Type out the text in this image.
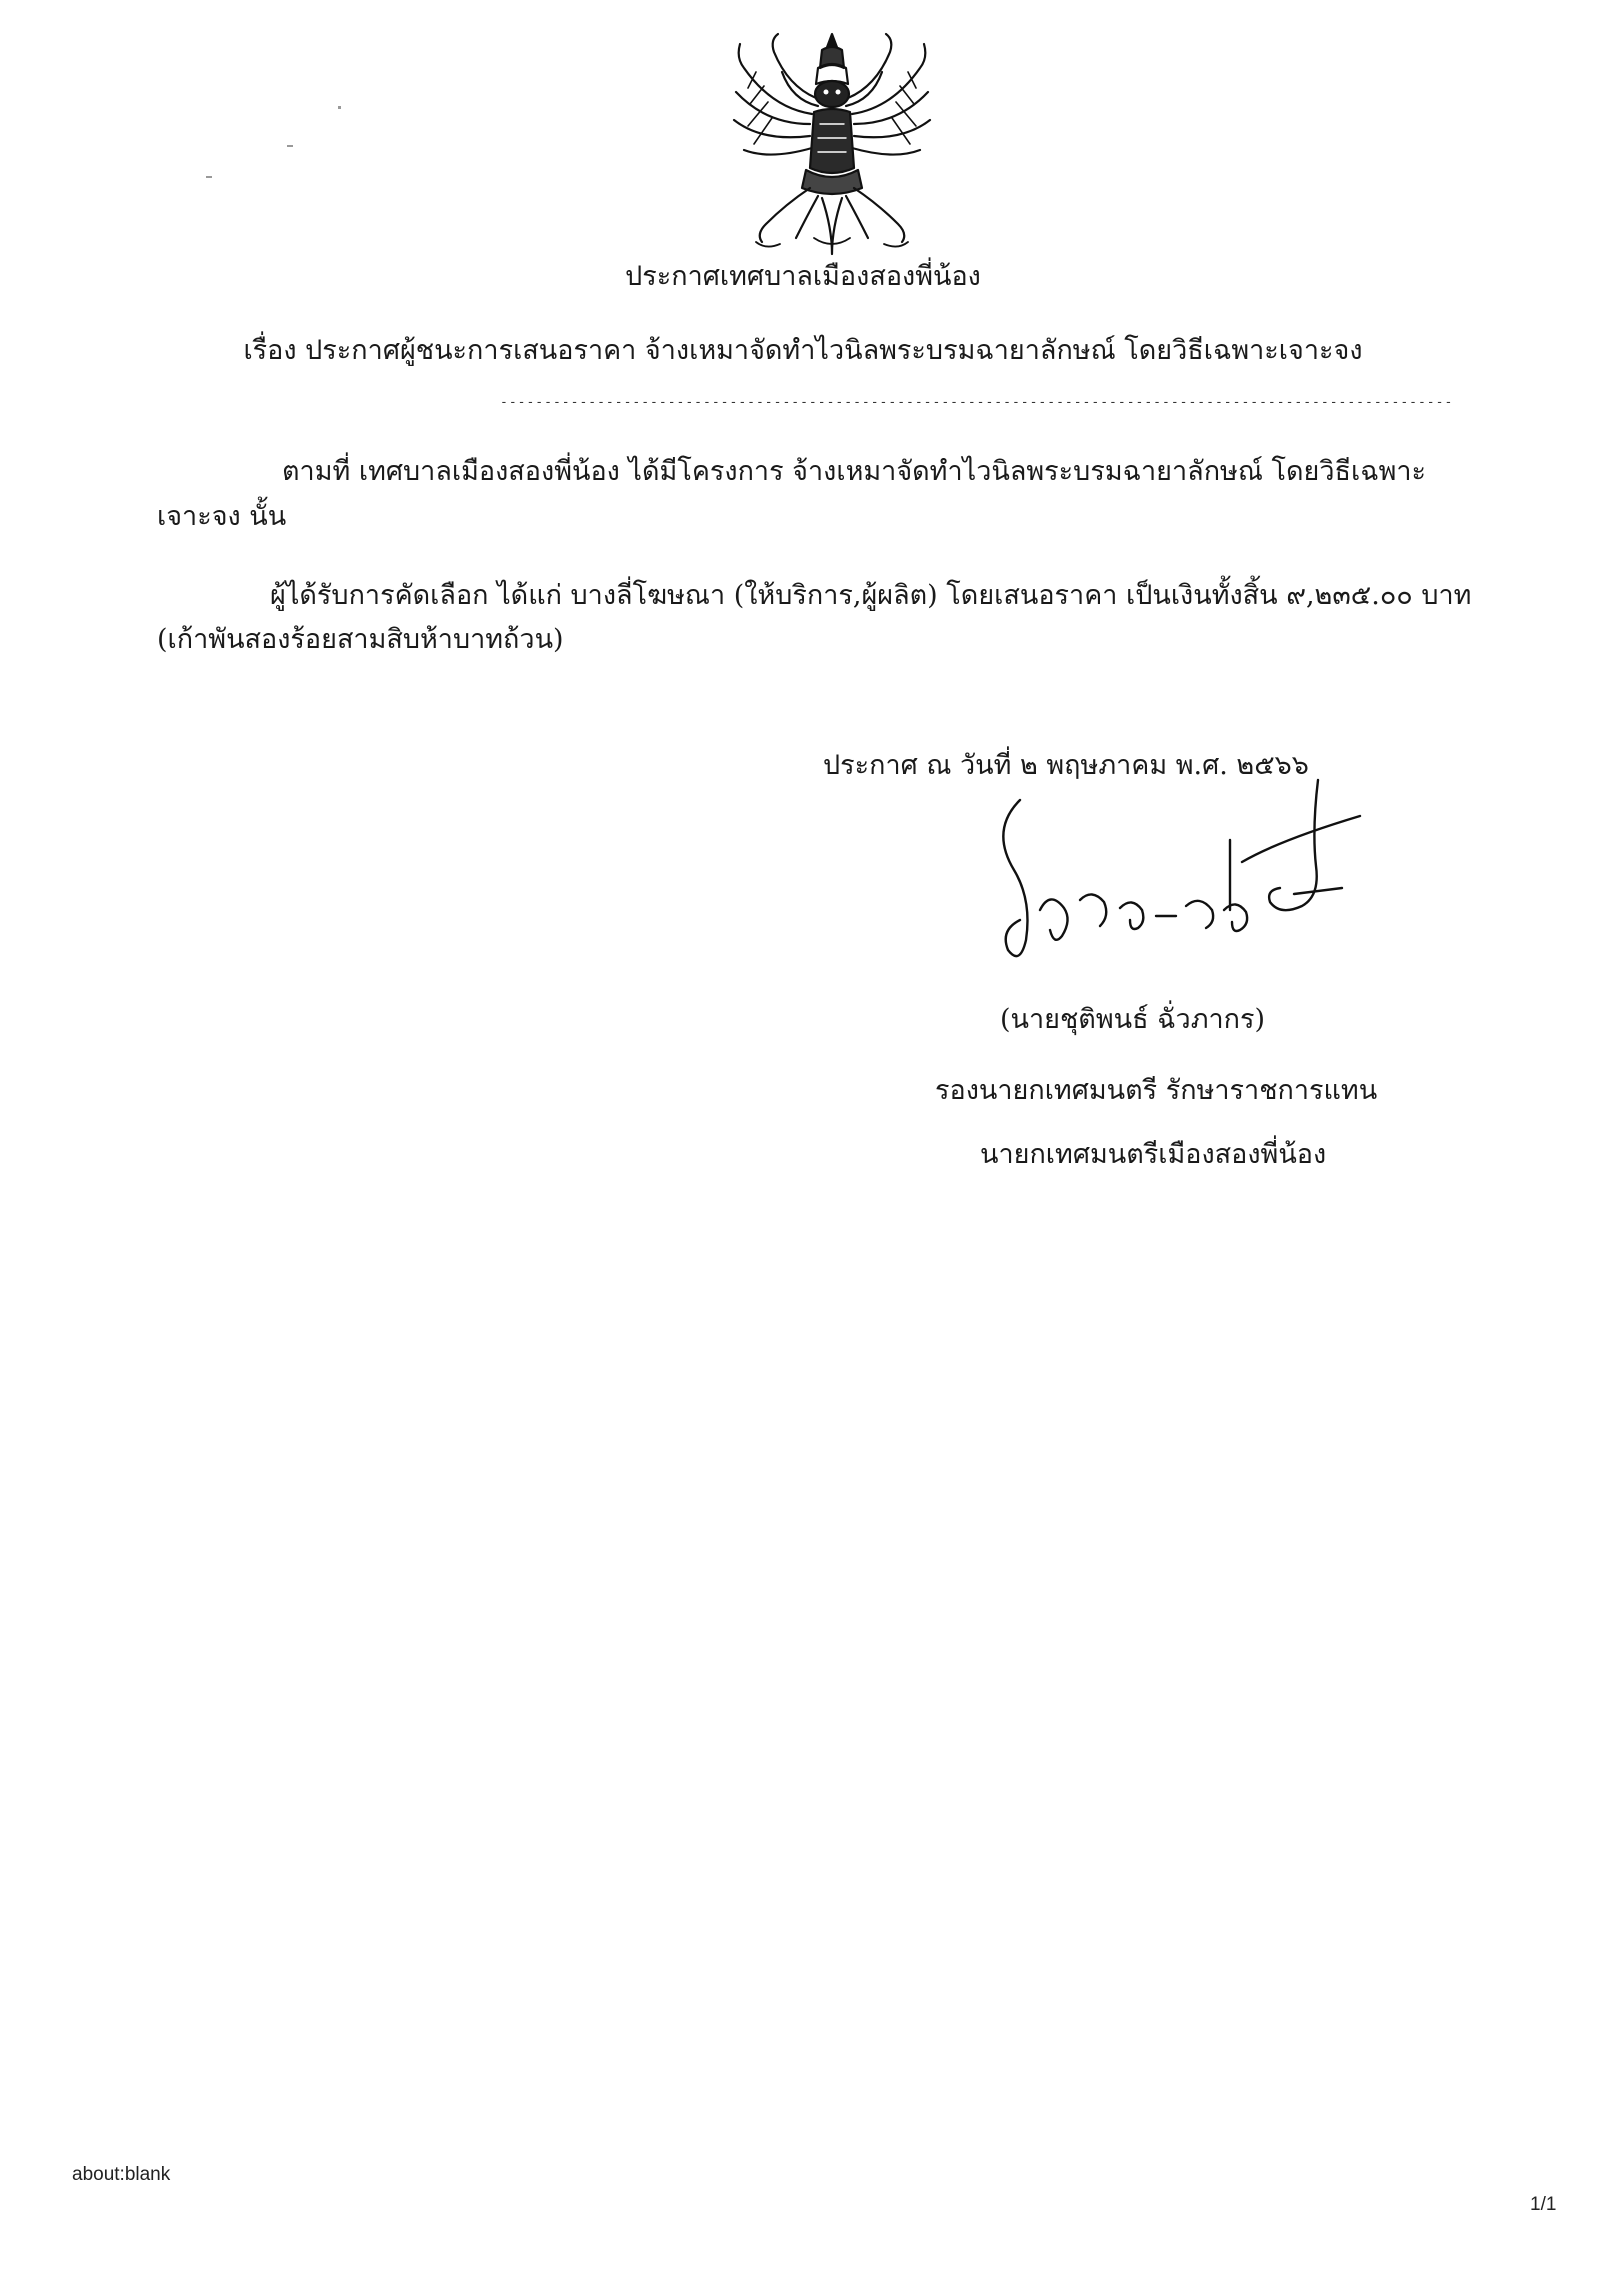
ประกาศเทศบาลเมืองสองพี่น้อง
เรื่อง ประกาศผู้ชนะการเสนอราคา จ้างเหมาจัดทำไวนิลพระบรมฉายาลักษณ์ โดยวิธีเฉพาะเจาะจง
------------------------------------------------------------------------------------------------------------
ตามที่ เทศบาลเมืองสองพี่น้อง ได้มีโครงการ จ้างเหมาจัดทำไวนิลพระบรมฉายาลักษณ์ โดยวิธีเฉพาะ
เจาะจง นั้น
ผู้ได้รับการคัดเลือก ได้แก่ บางลี่โฆษณา (ให้บริการ,ผู้ผลิต) โดยเสนอราคา เป็นเงินทั้งสิ้น ๙,๒๓๕.๐๐ บาท
(เก้าพันสองร้อยสามสิบห้าบาทถ้วน)
ประกาศ ณ วันที่ ๒ พฤษภาคม พ.ศ. ๒๕๖๖
(นายชุติพนธ์ ฉั่วภากร)
รองนายกเทศมนตรี รักษาราชการแทน
นายกเทศมนตรีเมืองสองพี่น้อง
about:blank
1/1
